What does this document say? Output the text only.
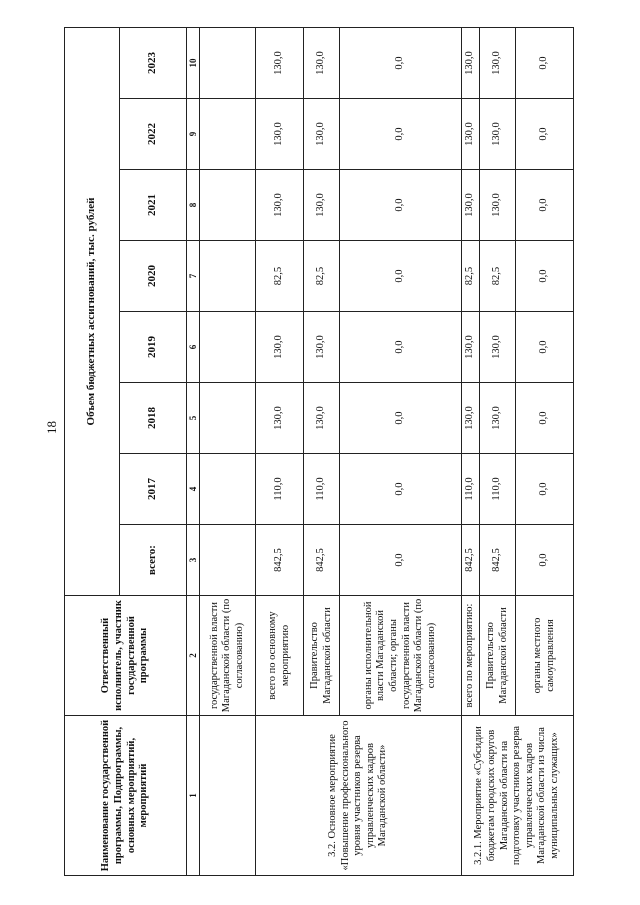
18
Наименование государственной программы, Подпрограммы, основных мероприятий, мероприятий	Ответственный исполнитель, участник государственной программы	Объем бюджетных ассигнований, тыс. рублей							
		всего:	2017	2018	2019	2020	2021	2022	2023
1	2	3	4	5	6	7	8	9	10
	государственной власти Магаданской области (по согласованию)								
3.2. Основное мероприятие «Повышение профессионального уровня участников резерва управленческих кадров Магаданской области»	всего по основному мероприятию	842,5	110,0	130,0	130,0	82,5	130,0	130,0	130,0
	Правительство Магаданской области	842,5	110,0	130,0	130,0	82,5	130,0	130,0	130,0
	органы исполнительной власти Магаданской области; органы государственной власти Магаданской области (по согласованию)	0,0	0,0	0,0	0,0	0,0	0,0	0,0	0,0
3.2.1. Мероприятие «Субсидии бюджетам городских округов Магаданской области на подготовку участников резерва управленческих кадров Магаданской области из числа муниципальных служащих»	всего по мероприятию:	842,5	110,0	130,0	130,0	82,5	130,0	130,0	130,0
	Правительство Магаданской области	842,5	110,0	130,0	130,0	82,5	130,0	130,0	130,0
	органы местного самоуправления	0,0	0,0	0,0	0,0	0,0	0,0	0,0	0,0
